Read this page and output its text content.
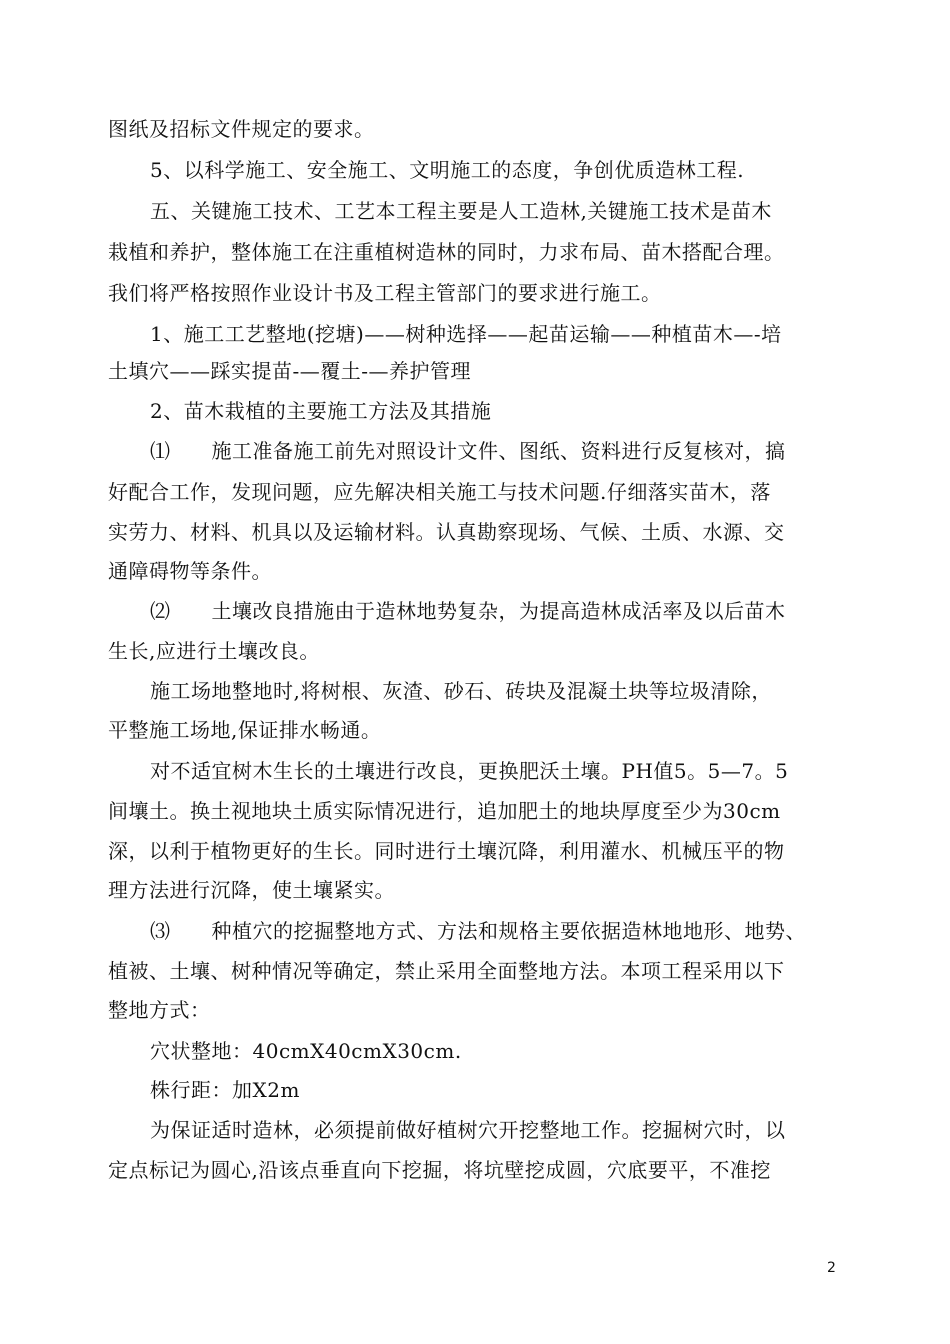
图纸及招标文件规定的要求。
5、以科学施工、安全施工、文明施工的态度，争创优质造林工程.
五、关键施工技术、工艺本工程主要是人工造林,关键施工技术是苗木
栽植和养护，整体施工在注重植树造林的同时，力求布局、苗木搭配合理。
我们将严格按照作业设计书及工程主管部门的要求进行施工。
1、施工工艺整地(挖塘)——树种选择——起苗运输——种植苗木—-培
土填穴——踩实提苗-—覆土-—养护管理
2、苗木栽植的主要施工方法及其措施
⑴　　施工准备施工前先对照设计文件、图纸、资料进行反复核对，搞
好配合工作，发现问题，应先解决相关施工与技术问题.仔细落实苗木，落
实劳力、材料、机具以及运输材料。认真勘察现场、气候、土质、水源、交
通障碍物等条件。
⑵　　土壤改良措施由于造林地势复杂，为提高造林成活率及以后苗木
生长,应进行土壤改良。
施工场地整地时,将树根、灰渣、砂石、砖块及混凝土块等垃圾清除，
平整施工场地,保证排水畅通。
对不适宜树木生长的土壤进行改良，更换肥沃土壤。PH值5。5—7。5
间壤土。换土视地块土质实际情况进行，追加肥土的地块厚度至少为30cm
深，以利于植物更好的生长。同时进行土壤沉降，利用灌水、机械压平的物
理方法进行沉降，使土壤紧实。
⑶　　种植穴的挖掘整地方式、方法和规格主要依据造林地地形、地势、
植被、土壤、树种情况等确定，禁止采用全面整地方法。本项工程采用以下
整地方式：
穴状整地：40cmX40cmX30cm.
株行距：加X2m
为保证适时造林，必须提前做好植树穴开挖整地工作。挖掘树穴时，以
定点标记为圆心,沿该点垂直向下挖掘，将坑壁挖成圆，穴底要平，不准挖
2
